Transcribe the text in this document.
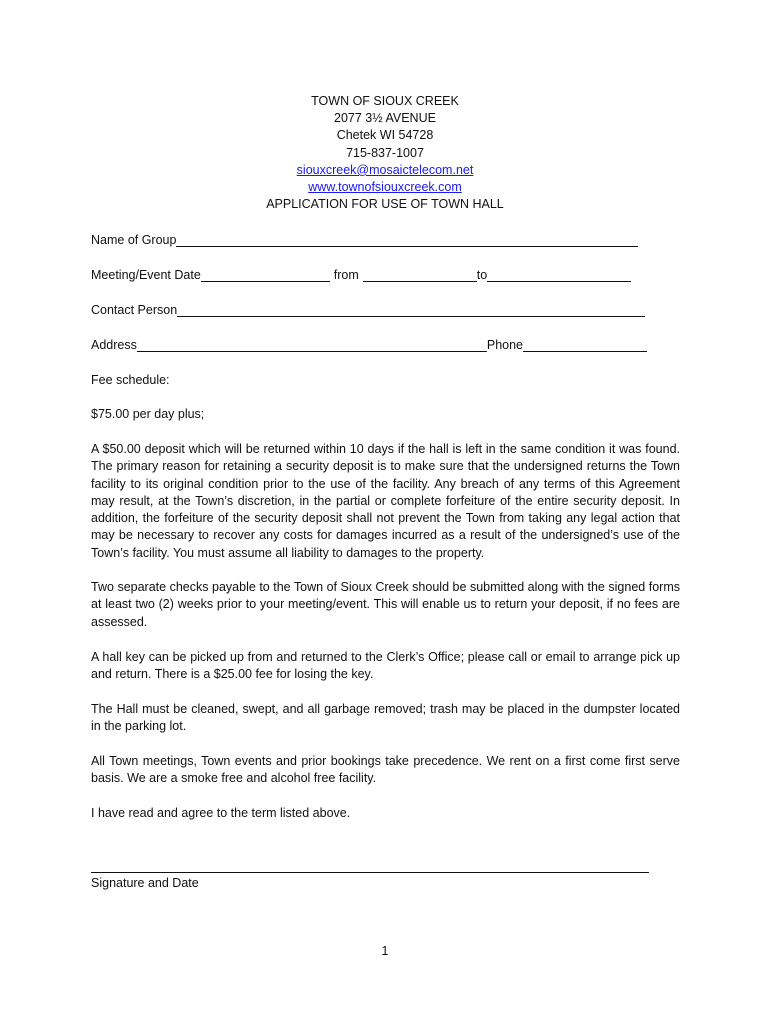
TOWN OF SIOUX CREEK
2077 3½ AVENUE
Chetek WI 54728
715-837-1007
siouxcreek@mosaictelecom.net
www.townofsiouxcreek.com
APPLICATION FOR USE OF TOWN HALL
Name of Group
Meeting/Event Date	from	to
Contact Person
Address	Phone

Fee schedule:

$75.00 per day plus;

A $50.00 deposit which will be returned within 10 days if the hall is left in the same condition it was found. The primary reason for retaining a security deposit is to make sure that the undersigned returns the Town facility to its original condition prior to the use of the facility. Any breach of any terms of this Agreement may result, at the Town’s discretion, in the partial or complete forfeiture of the entire security deposit. In addition, the forfeiture of the security deposit shall not prevent the Town from taking any legal action that may be necessary to recover any costs for damages incurred as a result of the undersigned’s use of the Town’s facility. You must assume all liability to damages to the property.

Two separate checks payable to the Town of Sioux Creek should be submitted along with the signed forms at least two (2) weeks prior to your meeting/event. This will enable us to return your deposit, if no fees are assessed.

A hall key can be picked up from and returned to the Clerk’s Office; please call or email to arrange pick up and return. There is a $25.00 fee for losing the key.

The Hall must be cleaned, swept, and all garbage removed; trash may be placed in the dumpster located in the parking lot.

All Town meetings, Town events and prior bookings take precedence. We rent on a first come first serve basis. We are a smoke free and alcohol free facility.

I have read and agree to the term listed above.

Signature and Date

1
